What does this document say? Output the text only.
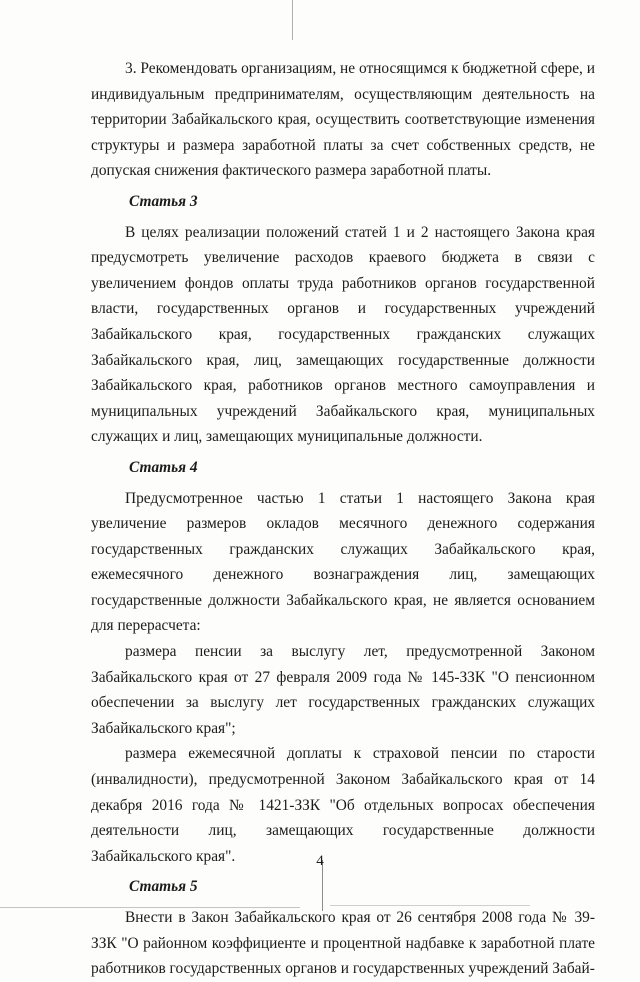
3. Рекомендовать организациям, не относящимся к бюджетной сфере, и индивидуальным предпринимателям, осуществляющим деятельность на территории Забайкальского края, осуществить соответствующие изменения структуры и размера заработной платы за счет собственных средств, не допуская снижения фактического размера заработной платы.

Статья 3

В целях реализации положений статей 1 и 2 настоящего Закона края предусмотреть увеличение расходов краевого бюджета в связи с увеличением фондов оплаты труда работников органов государственной власти, государственных органов и государственных учреждений Забайкальского края, государственных гражданских служащих Забайкальского края, лиц, замещающих государственные должности Забайкальского края, работников органов местного самоуправления и муниципальных учреждений Забайкальского края, муниципальных служащих и лиц, замещающих муниципальные должности.

Статья 4

Предусмотренное частью 1 статьи 1 настоящего Закона края увеличение размеров окладов месячного денежного содержания государственных гражданских служащих Забайкальского края, ежемесячного денежного вознаграждения лиц, замещающих государственные должности Забайкальского края, не является основанием для перерасчета:

размера пенсии за выслугу лет, предусмотренной Законом Забайкальского края от 27 февраля 2009 года № 145-ЗЗК "О пенсионном обеспечении за выслугу лет государственных гражданских служащих Забайкальского края";

размера ежемесячной доплаты к страховой пенсии по старости (инвалидности), предусмотренной Законом Забайкальского края от 14 декабря 2016 года № 1421-ЗЗК "Об отдельных вопросах обеспечения деятельности лиц, замещающих государственные должности Забайкальского края".

Статья 5

Внести в Закон Забайкальского края от 26 сентября 2008 года № 39-ЗЗК "О районном коэффициенте и процентной надбавке к заработной плате работников государственных органов и государственных учреждений Забай-

4
